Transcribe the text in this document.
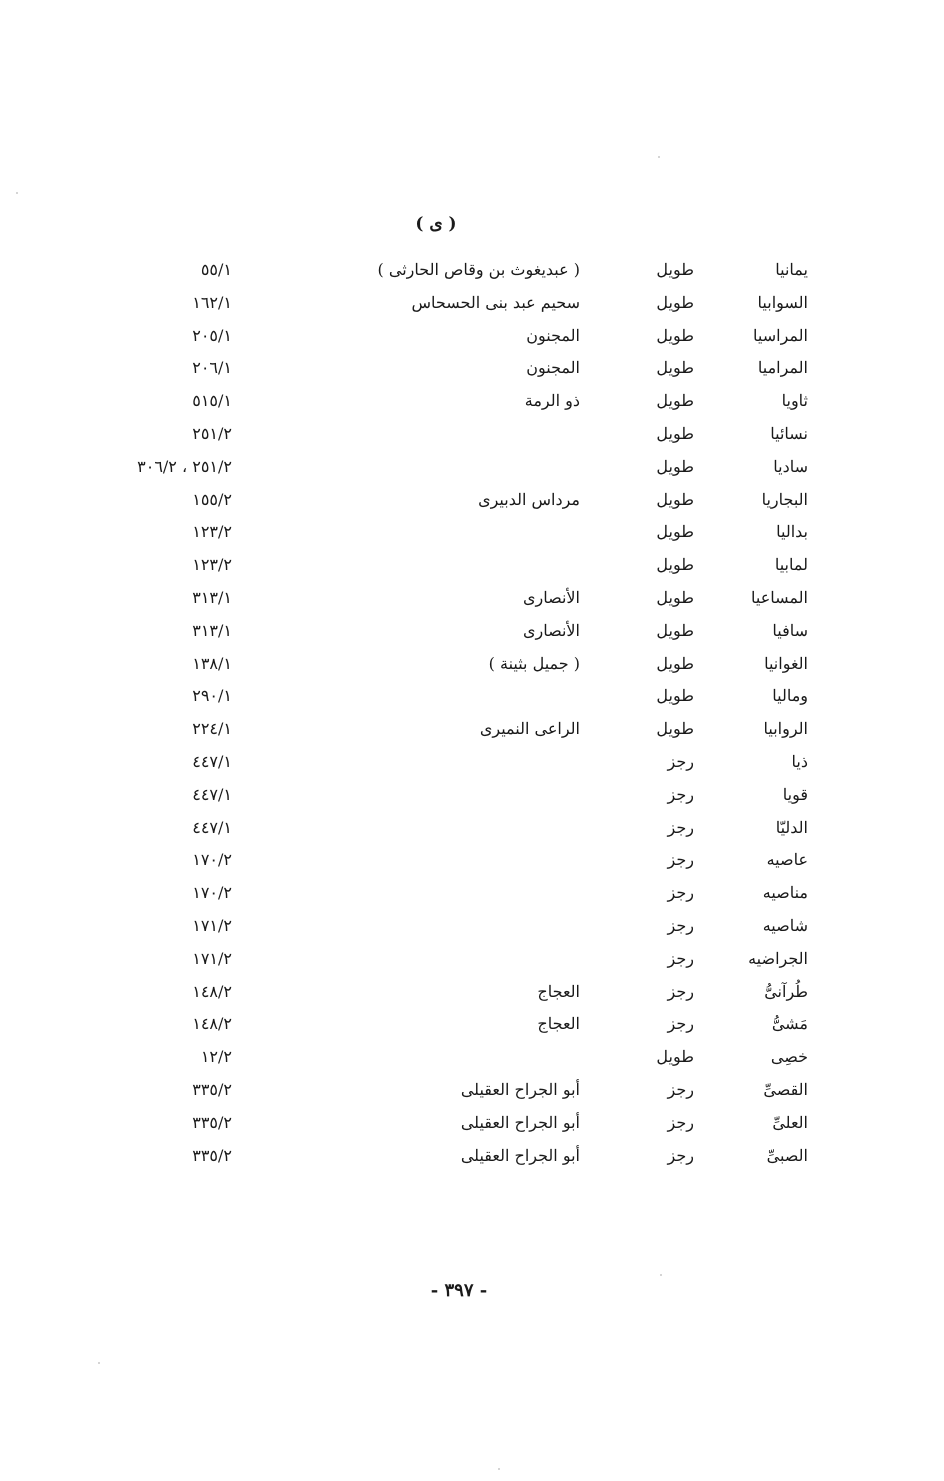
( ى )
يمانيا
طويل
( عبديغوث بن وقاص الحارثى )
٥٥/١
السوابيا
طويل
سحيم عبد بنى الحسحاس
١٦٢/١
المراسيا
طويل
المجنون
٢٠٥/١
المراميا
طويل
المجنون
٢٠٦/١
ثاويا
طويل
ذو الرمة
٥١٥/١
نسائيا
طويل
٢٥١/٢
ساديا
طويل
٢٥١/٢ ، ٣٠٦/٢
البجاريا
طويل
مرداس الدبيرى
١٥٥/٢
بداليا
طويل
١٢٣/٢
لمابيا
طويل
١٢٣/٢
المساعيا
طويل
الأنصارى
٣١٣/١
سافيا
طويل
الأنصارى
٣١٣/١
الغوانيا
طويل
( جميل بثينة )
١٣٨/١
وماليا
طويل
٢٩٠/١
الروابيا
طويل
الراعى النميرى
٢٢٤/١
ذيا
رجز
٤٤٧/١
قويا
رجز
٤٤٧/١
الدليّا
رجز
٤٤٧/١
عاصيه
رجز
١٧٠/٢
مناصيه
رجز
١٧٠/٢
شاصيه
رجز
١٧١/٢
الجراضيه
رجز
١٧١/٢
طُرآنىُّ
رجز
العجاج
١٤٨/٢
مَشىُّ
رجز
العجاج
١٤٨/٢
خصِى
طويل
١٢/٢
القصىِّ
رجز
أبو الجراح العقيلى
٣٣٥/٢
العلىِّ
رجز
أبو الجراح العقيلى
٣٣٥/٢
الصبىِّ
رجز
أبو الجراح العقيلى
٣٣٥/٢
- ٣٩٧ -
